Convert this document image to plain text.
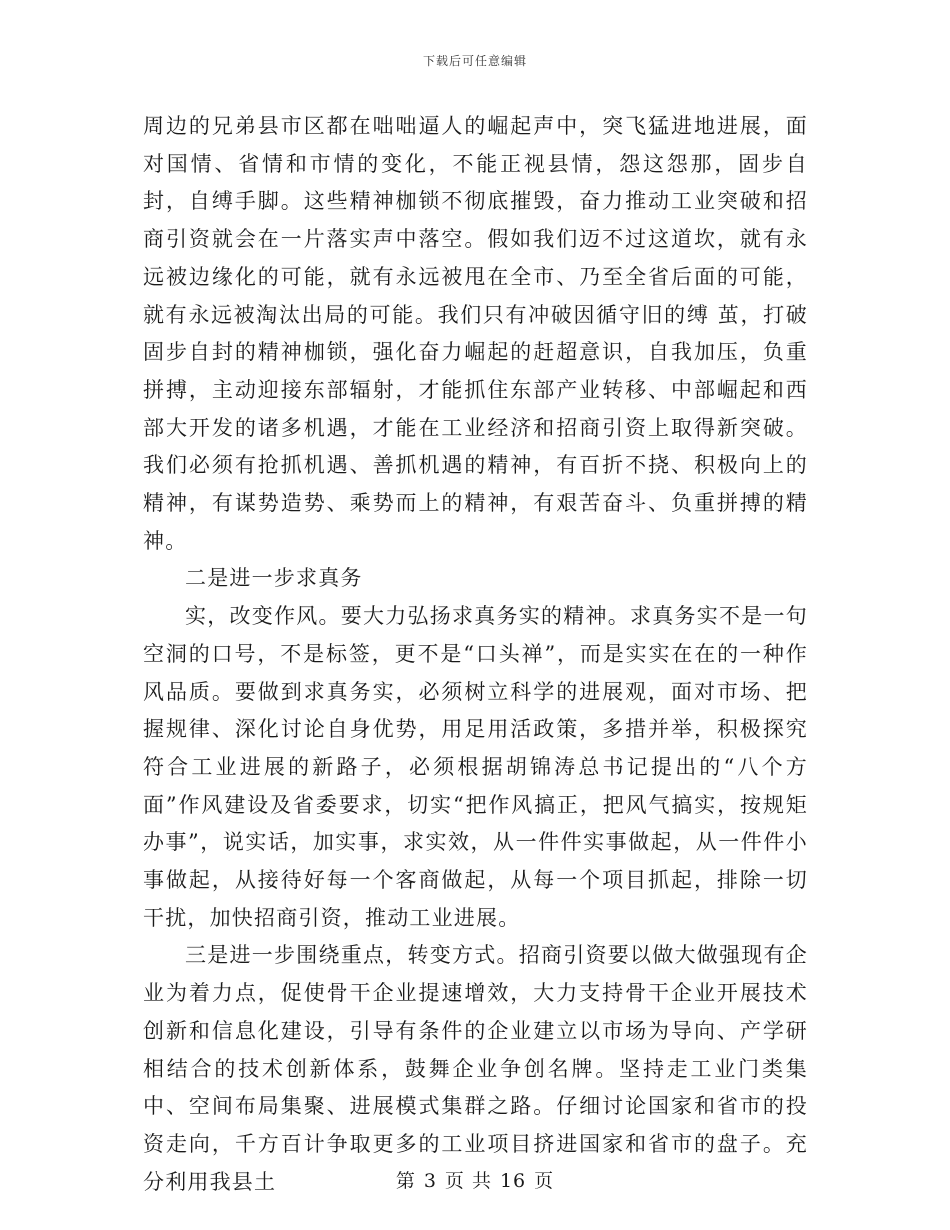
下载后可任意编辑

周边的兄弟县市区都在咄咄逼人的崛起声中，突飞猛进地进展，面对国情、省情和市情的变化，不能正视县情，怨这怨那，固步自封，自缚手脚。这些精神枷锁不彻底摧毁，奋力推动工业突破和招商引资就会在一片落实声中落空。假如我们迈不过这道坎，就有永远被边缘化的可能，就有永远被甩在全市、乃至全省后面的可能，就有永远被淘汰出局的可能。我们只有冲破因循守旧的缚 茧，打破固步自封的精神枷锁，强化奋力崛起的赶超意识，自我加压，负重拼搏，主动迎接东部辐射，才能抓住东部产业转移、中部崛起和西部大开发的诸多机遇，才能在工业经济和招商引资上取得新突破。我们必须有抢抓机遇、善抓机遇的精神，有百折不挠、积极向上的精神，有谋势造势、乘势而上的精神，有艰苦奋斗、负重拼搏的精神。

二是进一步求真务

实，改变作风。要大力弘扬求真务实的精神。求真务实不是一句空洞的口号，不是标签，更不是“口头禅”，而是实实在在的一种作风品质。要做到求真务实，必须树立科学的进展观，面对市场、把握规律、深化讨论自身优势，用足用活政策，多措并举，积极探究符合工业进展的新路子，必须根据胡锦涛总书记提出的“八个方面”作风建设及省委要求，切实“把作风搞正，把风气搞实，按规矩办事”，说实话，加实事，求实效，从一件件实事做起，从一件件小事做起，从接待好每一个客商做起，从每一个项目抓起，排除一切干扰，加快招商引资，推动工业进展。

三是进一步围绕重点，转变方式。招商引资要以做大做强现有企业为着力点，促使骨干企业提速增效，大力支持骨干企业开展技术创新和信息化建设，引导有条件的企业建立以市场为导向、产学研相结合的技术创新体系，鼓舞企业争创名牌。坚持走工业门类集中、空间布局集聚、进展模式集群之路。仔细讨论国家和省市的投资走向，千方百计争取更多的工业项目挤进国家和省市的盘子。充分利用我县土	第 3 页 共 16 页
